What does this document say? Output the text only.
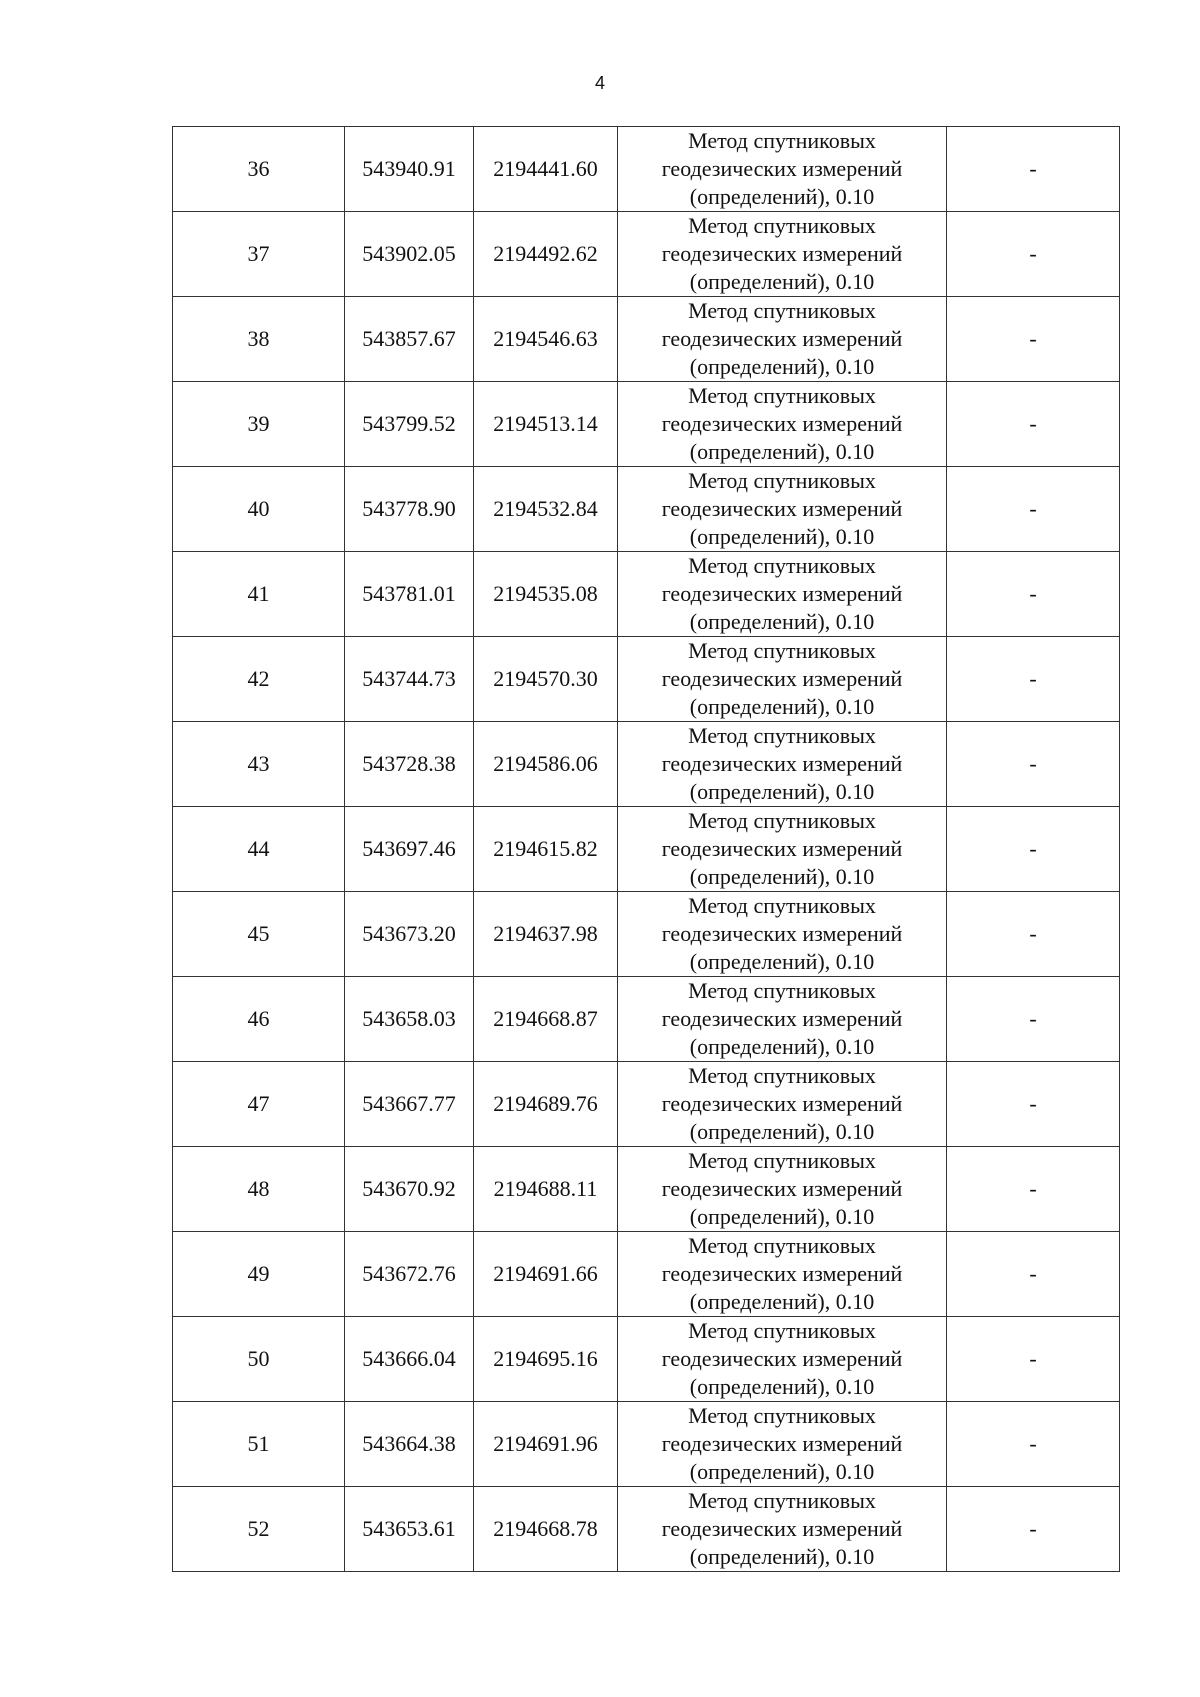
4
36	543940.91	2194441.60	Метод спутниковых
геодезических измерений
(определений), 0.10	-
37	543902.05	2194492.62	Метод спутниковых
геодезических измерений
(определений), 0.10	-
38	543857.67	2194546.63	Метод спутниковых
геодезических измерений
(определений), 0.10	-
39	543799.52	2194513.14	Метод спутниковых
геодезических измерений
(определений), 0.10	-
40	543778.90	2194532.84	Метод спутниковых
геодезических измерений
(определений), 0.10	-
41	543781.01	2194535.08	Метод спутниковых
геодезических измерений
(определений), 0.10	-
42	543744.73	2194570.30	Метод спутниковых
геодезических измерений
(определений), 0.10	-
43	543728.38	2194586.06	Метод спутниковых
геодезических измерений
(определений), 0.10	-
44	543697.46	2194615.82	Метод спутниковых
геодезических измерений
(определений), 0.10	-
45	543673.20	2194637.98	Метод спутниковых
геодезических измерений
(определений), 0.10	-
46	543658.03	2194668.87	Метод спутниковых
геодезических измерений
(определений), 0.10	-
47	543667.77	2194689.76	Метод спутниковых
геодезических измерений
(определений), 0.10	-
48	543670.92	2194688.11	Метод спутниковых
геодезических измерений
(определений), 0.10	-
49	543672.76	2194691.66	Метод спутниковых
геодезических измерений
(определений), 0.10	-
50	543666.04	2194695.16	Метод спутниковых
геодезических измерений
(определений), 0.10	-
51	543664.38	2194691.96	Метод спутниковых
геодезических измерений
(определений), 0.10	-
52	543653.61	2194668.78	Метод спутниковых
геодезических измерений
(определений), 0.10	-
